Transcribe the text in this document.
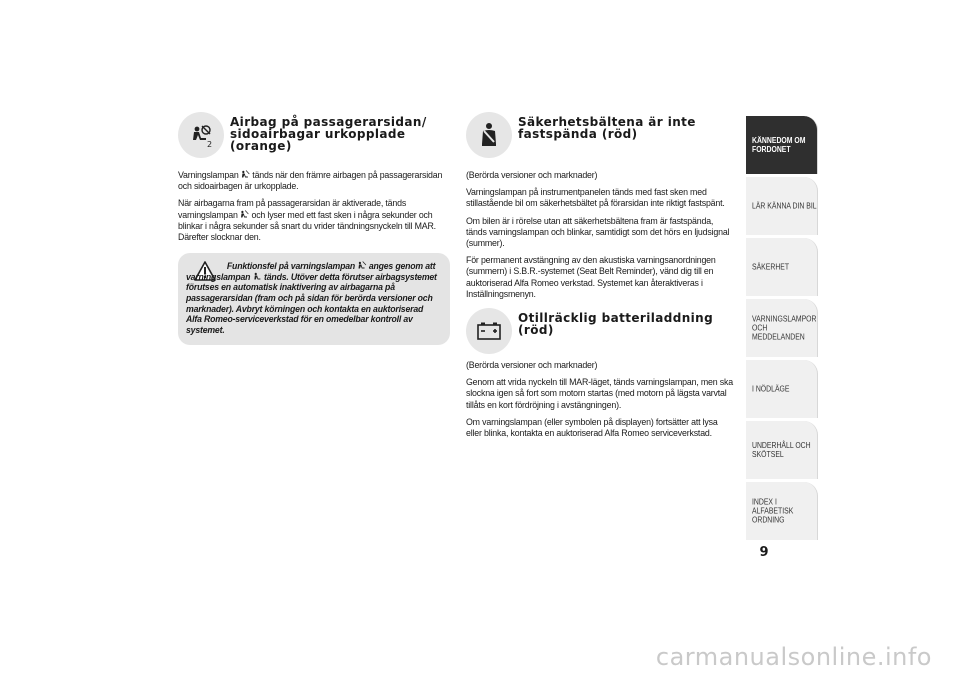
2
Airbag på passagerarsidan/
sidoairbagar urkopplade
(orange)

Varningslampan  tänds när den främre airbagen på passagerarsidan och sidoairbagen är urkopplade.

När airbagarna fram på passagerarsidan är aktiverade, tänds varningslampan  och lyser med ett fast sken i några sekunder och blinkar i några sekunder så snart du vrider tändningsnyckeln till MAR. Därefter slocknar den.

Funktionsfel på varningslampan  anges genom att varningslampan  tänds. Utöver detta förutser airbagsystemet förutses en automatisk inaktivering av airbagarna på passagerarsidan (fram och på sidan för berörda versioner och marknader). Avbryt körningen och kontakta en auktoriserad Alfa Romeo-serviceverkstad för en omedelbar kontroll av systemet.

Säkerhetsbältena är inte
fastspända (röd)

(Berörda versioner och marknader)

Varningslampan på instrumentpanelen tänds med fast sken med stillastående bil om säkerhetsbältet på förarsidan inte riktigt fastspänt.

Om bilen är i rörelse utan att säkerhetsbältena fram är fastspända, tänds varningslampan och blinkar, samtidigt som det hörs en ljudsignal (summer).

För permanent avstängning av den akustiska varningsanordningen (summern) i S.B.R.-systemet (Seat Belt Reminder), vänd dig till en auktoriserad Alfa Romeo verkstad. Systemet kan återaktiveras i Inställningsmenyn.

Otillräcklig batteriladdning
(röd)

(Berörda versioner och marknader)

Genom att vrida nyckeln till MAR-läget, tänds varningslampan, men ska slockna igen så fort som motorn startas (med motorn på lägsta varvtal tillåts en kort fördröjning i avstängningen).

Om varningslampan (eller symbolen på displayen) fortsätter att lysa eller blinka, kontakta en auktoriserad Alfa Romeo serviceverkstad.

KÄNNEDOM OM
FORDONET
LÄR KÄNNA DIN BIL
SÄKERHET
VARNINGSLAMPOR
OCH MEDDELANDEN
I NÖDLÄGE
UNDERHÅLL OCH
SKÖTSEL
INDEX I ALFABETISK
ORDNING
9
carmanualsonline.info
